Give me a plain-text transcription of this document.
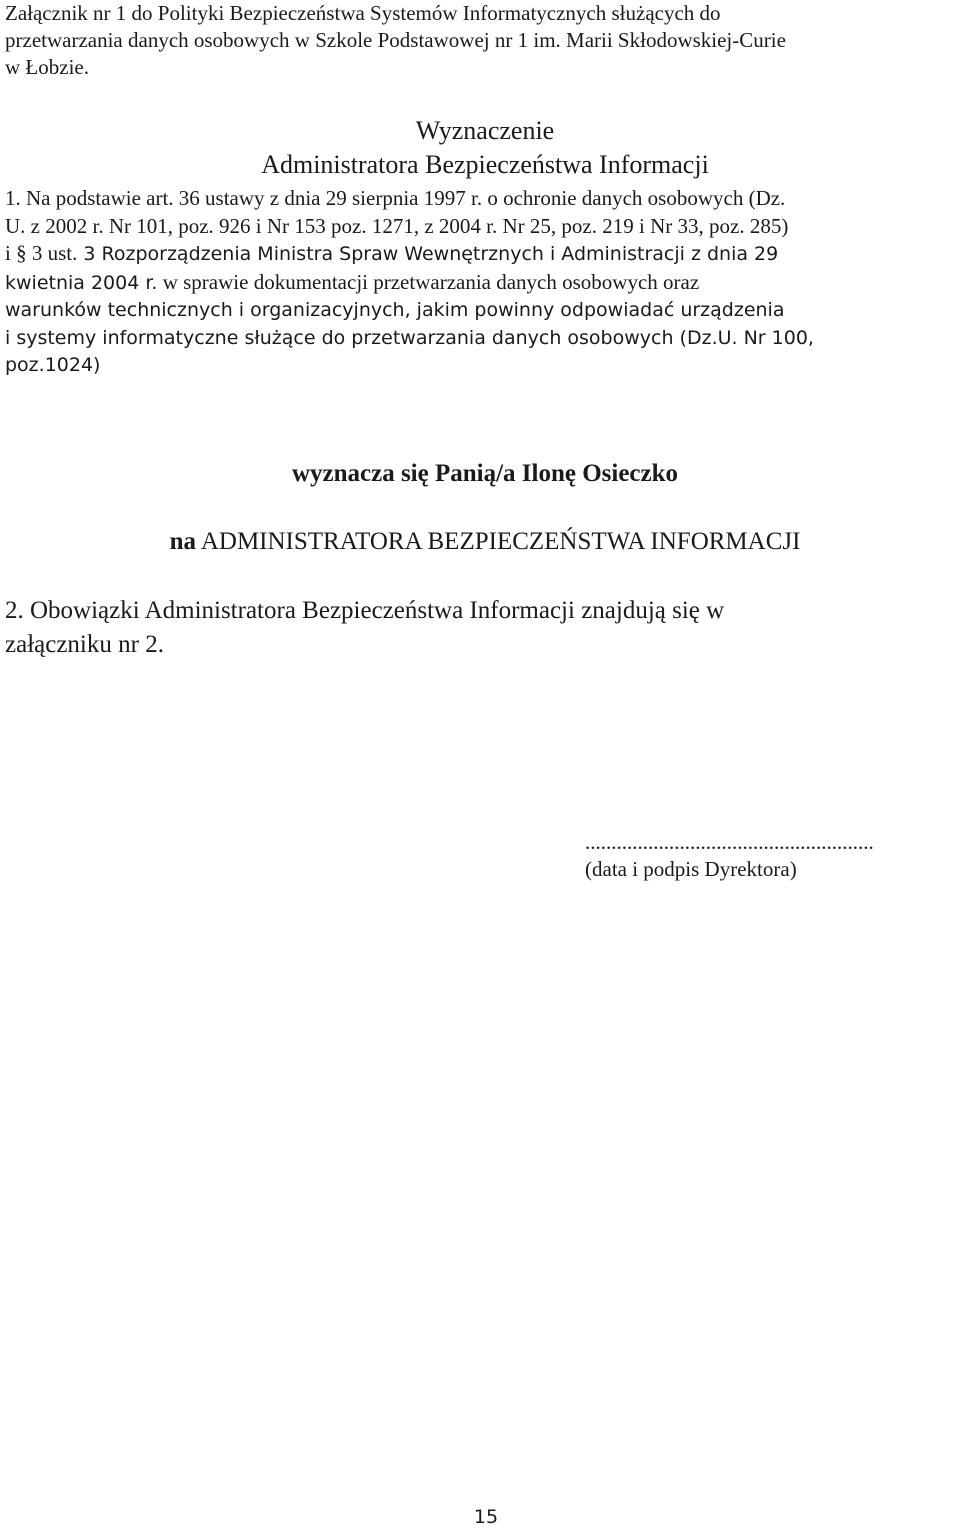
Załącznik nr 1 do Polityki Bezpieczeństwa Systemów Informatycznych służących do
przetwarzania danych osobowych w Szkole Podstawowej nr 1 im. Marii Skłodowskiej-Curie
w Łobzie.
Wyznaczenie
Administratora Bezpieczeństwa Informacji
1. Na podstawie art. 36 ustawy z dnia 29 sierpnia 1997 r. o ochronie danych osobowych (Dz.
U. z 2002 r. Nr 101, poz. 926 i Nr 153 poz. 1271, z 2004 r. Nr 25, poz. 219 i Nr 33, poz. 285)
i § 3 ust. 3 Rozporządzenia Ministra Spraw Wewnętrznych i Administracji z dnia 29
kwietnia 2004 r. w sprawie dokumentacji przetwarzania danych osobowych oraz
warunków technicznych i organizacyjnych, jakim powinny odpowiadać urządzenia
i systemy informatyczne służące do przetwarzania danych osobowych (Dz.U. Nr 100,
poz.1024)
wyznacza się Panią/a Ilonę Osieczko
na ADMINISTRATORA BEZPIECZEŃSTWA INFORMACJI
2. Obowiązki Administratora Bezpieczeństwa Informacji znajdują się w
załączniku nr 2.
.......................................................
(data i podpis Dyrektora)
15
